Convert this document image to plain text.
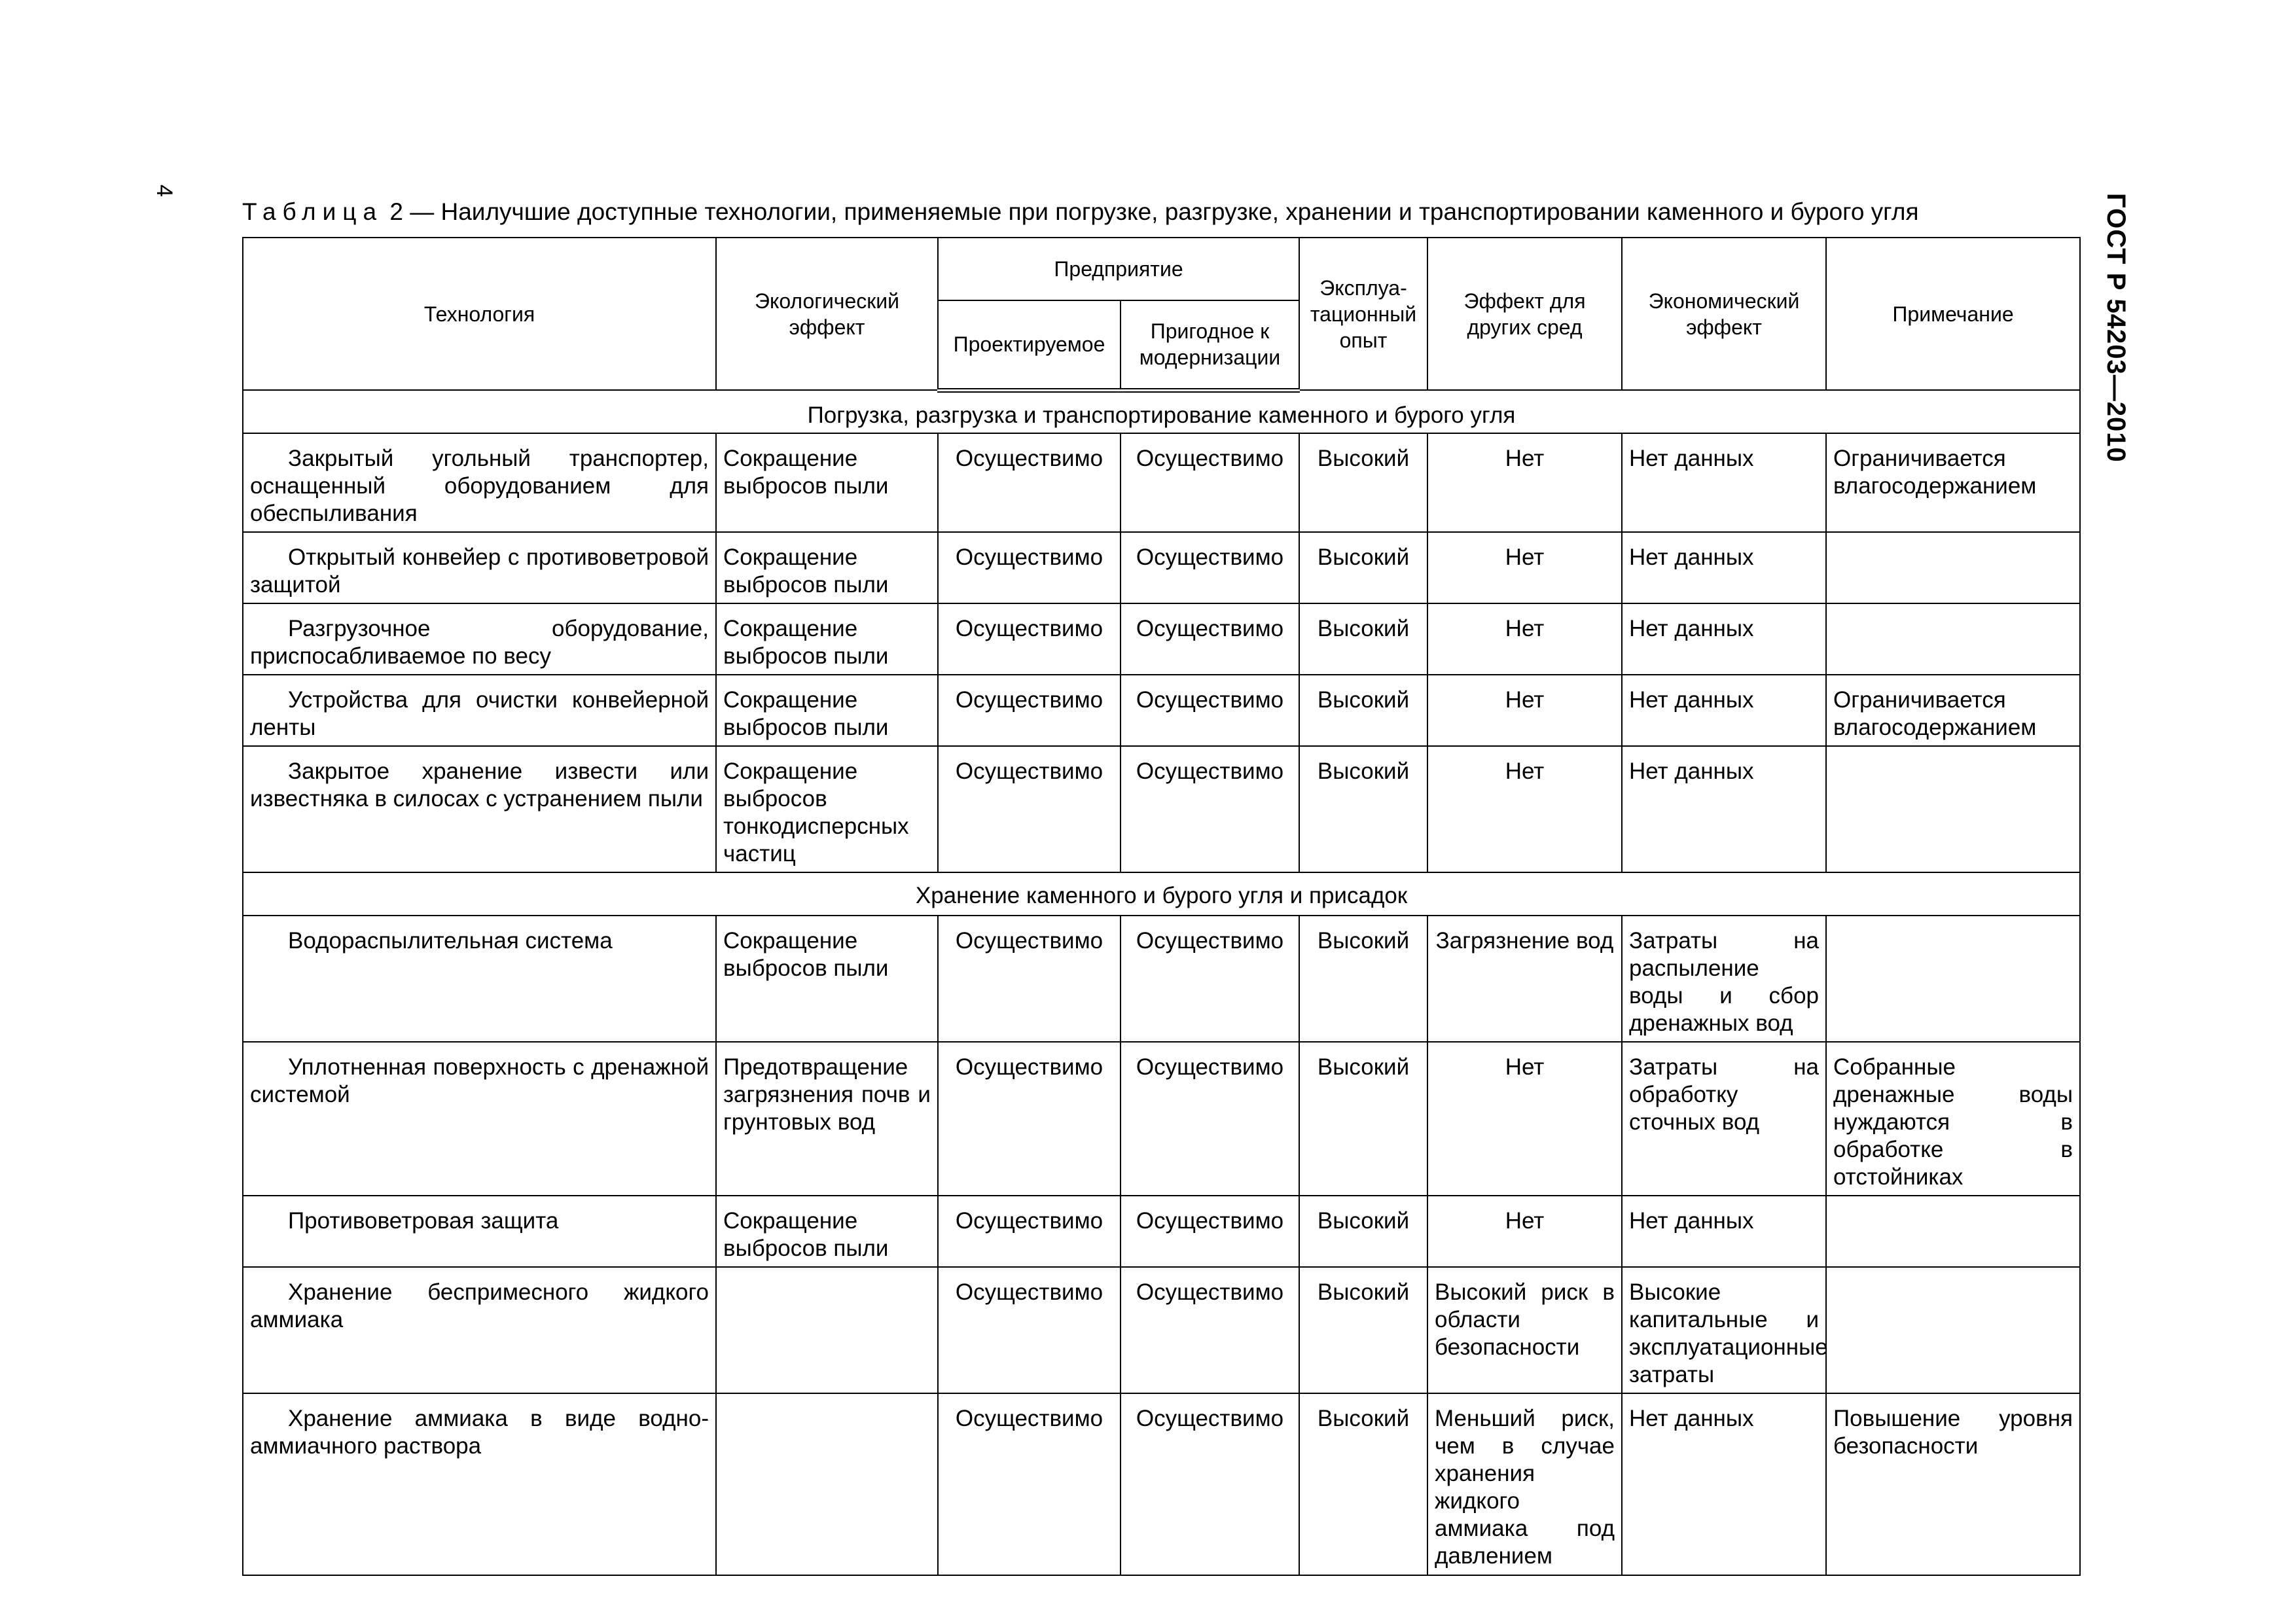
4
ГОСТ Р 54203—2010
Таблица 2 — Наилучшие доступные технологии, применяемые при погрузке, разгрузке, хранении и транспортировании каменного и бурого угля
Технология	Экологический эффект	Предприятие		Эксплуа-тационный опыт	Эффект для других сред	Экономический эффект	Примечание
		Проектируемое	Пригодное к модернизации				
Погрузка, разгрузка и транспортирование каменного и бурого угля							
Закрытый угольный транспортер, оснащенный оборудованием для обеспыливания	Сокращение выбросов пыли	Осуществимо	Осуществимо	Высокий	Нет	Нет данных	Ограничивается влагосодержанием
Открытый конвейер с противоветровой защитой	Сокращение выбросов пыли	Осуществимо	Осуществимо	Высокий	Нет	Нет данных	
Разгрузочное оборудование, приспосабливаемое по весу	Сокращение выбросов пыли	Осуществимо	Осуществимо	Высокий	Нет	Нет данных	
Устройства для очистки конвейерной ленты	Сокращение выбросов пыли	Осуществимо	Осуществимо	Высокий	Нет	Нет данных	Ограничивается влагосодержанием
Закрытое хранение извести или известняка в силосах с устранением пыли	Сокращение выбросов тонкодисперсных частиц	Осуществимо	Осуществимо	Высокий	Нет	Нет данных	
Хранение каменного и бурого угля и присадок							
Водораспылительная система	Сокращение выбросов пыли	Осуществимо	Осуществимо	Высокий	Загрязнение вод	Затраты на распыление воды и сбор дренажных вод	
Уплотненная поверхность с дренажной системой	Предотвращение загрязнения почв и грунтовых вод	Осуществимо	Осуществимо	Высокий	Нет	Затраты на обработку сточных вод	Собранные дренажные воды нуждаются в обработке в отстойниках
Противоветровая защита	Сокращение выбросов пыли	Осуществимо	Осуществимо	Высокий	Нет	Нет данных	
Хранение беспримесного жидкого аммиака		Осуществимо	Осуществимо	Высокий	Высокий риск в области безопасности	Высокие капитальные и эксплуатационные затраты	
Хранение аммиака в виде водно-аммиачного раствора		Осуществимо	Осуществимо	Высокий	Меньший риск, чем в случае хранения жидкого аммиака под давлением	Нет данных	Повышение уровня безопасности
